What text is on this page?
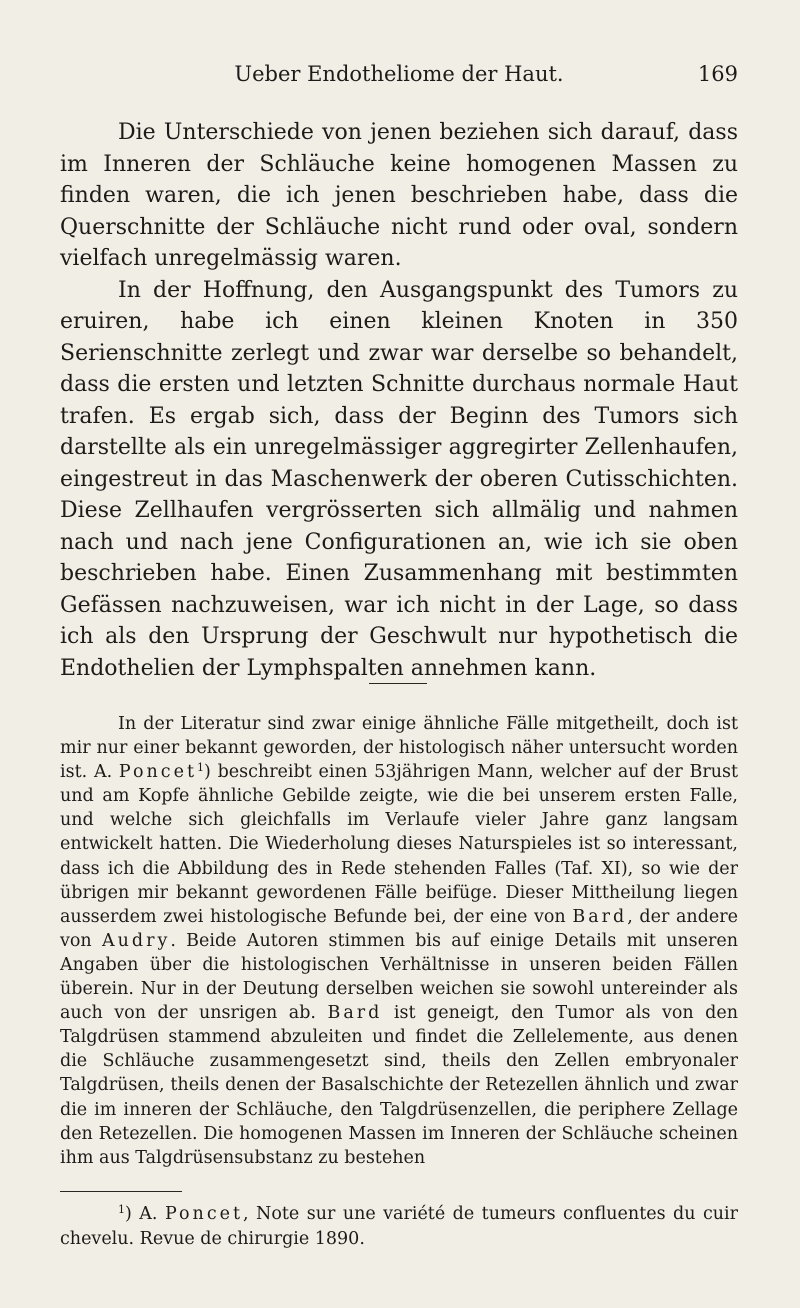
Ueber Endotheliome der Haut.	169

Die Unterschiede von jenen beziehen sich darauf, dass im Inneren der Schläuche keine homogenen Massen zu finden waren, die ich jenen beschrieben habe, dass die Querschnitte der Schläuche nicht rund oder oval, sondern vielfach unregelmässig waren.

In der Hoffnung, den Ausgangspunkt des Tumors zu eruiren, habe ich einen kleinen Knoten in 350 Serienschnitte zerlegt und zwar war derselbe so behandelt, dass die ersten und letzten Schnitte durchaus normale Haut trafen. Es ergab sich, dass der Beginn des Tumors sich darstellte als ein unregelmässiger aggregirter Zellenhaufen, eingestreut in das Maschenwerk der oberen Cutisschichten. Diese Zellhaufen vergrösserten sich allmälig und nahmen nach und nach jene Configurationen an, wie ich sie oben beschrieben habe. Einen Zusammenhang mit bestimmten Gefässen nachzuweisen, war ich nicht in der Lage, so dass ich als den Ursprung der Geschwult nur hypothetisch die Endothelien der Lymphspalten annehmen kann.

In der Literatur sind zwar einige ähnliche Fälle mitgetheilt, doch ist mir nur einer bekannt geworden, der histologisch näher untersucht worden ist. A. Poncet$^1$) beschreibt einen 53jährigen Mann, welcher auf der Brust und am Kopfe ähnliche Gebilde zeigte, wie die bei unserem ersten Falle, und welche sich gleichfalls im Verlaufe vieler Jahre ganz langsam entwickelt hatten. Die Wiederholung dieses Naturspieles ist so interessant, dass ich die Abbildung des in Rede stehenden Falles (Taf. XI), so wie der übrigen mir bekannt gewordenen Fälle beifüge. Dieser Mittheilung liegen ausserdem zwei histologische Befunde bei, der eine von Bard, der andere von Audry. Beide Autoren stimmen bis auf einige Details mit unseren Angaben über die histologischen Verhältnisse in unseren beiden Fällen überein. Nur in der Deutung derselben weichen sie sowohl untereinder als auch von der unsrigen ab. Bard ist geneigt, den Tumor als von den Talgdrüsen stammend abzuleiten und findet die Zellelemente, aus denen die Schläuche zusammengesetzt sind, theils den Zellen embryonaler Talgdrüsen, theils denen der Basalschichte der Retezellen ähnlich und zwar die im inneren der Schläuche, den Talgdrüsenzellen, die periphere Zellage den Retezellen. Die homogenen Massen im Inneren der Schläuche scheinen ihm aus Talgdrüsensubstanz zu bestehen

$^1$) A. Poncet, Note sur une variété de tumeurs confluentes du cuir chevelu. Revue de chirurgie 1890.
